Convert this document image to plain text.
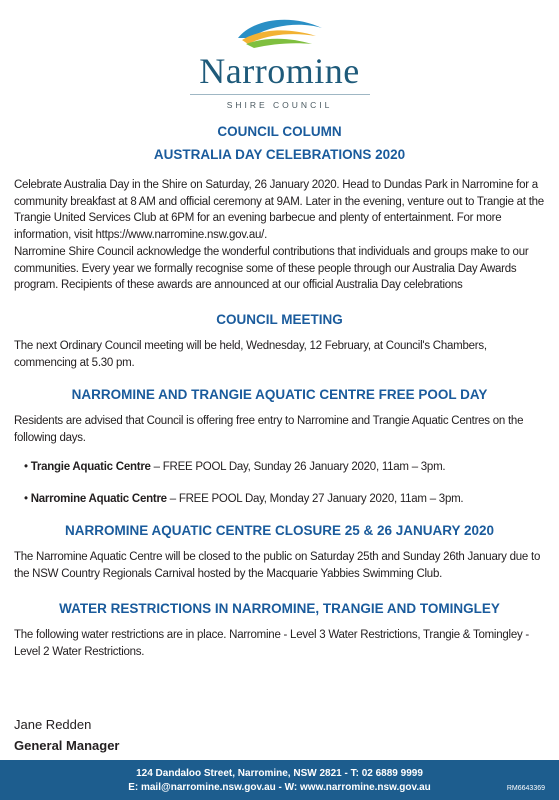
Narromine
SHIRE COUNCIL
COUNCIL COLUMN
AUSTRALIA DAY CELEBRATIONS 2020
Celebrate Australia Day in the Shire on Saturday, 26 January 2020. Head to Dundas Park in Narromine for a community breakfast at 8 AM and official ceremony at 9AM. Later in the evening, venture out to Trangie at the Trangie United Services Club at 6PM for an evening barbecue and plenty of entertainment. For more information, visit https://www.narromine.nsw.gov.au/.
Narromine Shire Council acknowledge the wonderful contributions that individuals and groups make to our communities. Every year we formally recognise some of these people through our Australia Day Awards program. Recipients of these awards are announced at our official Australia Day celebrations
COUNCIL MEETING
The next Ordinary Council meeting will be held, Wednesday, 12 February, at Council's Chambers, commencing at 5.30 pm.
NARROMINE AND TRANGIE AQUATIC CENTRE FREE POOL DAY
Residents are advised that Council is offering free entry to Narromine and Trangie Aquatic Centres on the following days.
• Trangie Aquatic Centre – FREE POOL Day, Sunday 26 January 2020, 11am – 3pm.
• Narromine Aquatic Centre – FREE POOL Day, Monday 27 January 2020, 11am – 3pm.
NARROMINE AQUATIC CENTRE CLOSURE 25 & 26 JANUARY 2020
The Narromine Aquatic Centre will be closed to the public on Saturday 25th and Sunday 26th January due to the NSW Country Regionals Carnival hosted by the Macquarie Yabbies Swimming Club.
WATER RESTRICTIONS IN NARROMINE, TRANGIE AND TOMINGLEY
The following water restrictions are in place. Narromine - Level 3 Water Restrictions, Trangie & Tomingley - Level 2 Water Restrictions.
Jane Redden
General Manager
124 Dandaloo Street, Narromine, NSW 2821 - T: 02 6889 9999
E: mail@narromine.nsw.gov.au - W: www.narromine.nsw.gov.au	RM6643369
